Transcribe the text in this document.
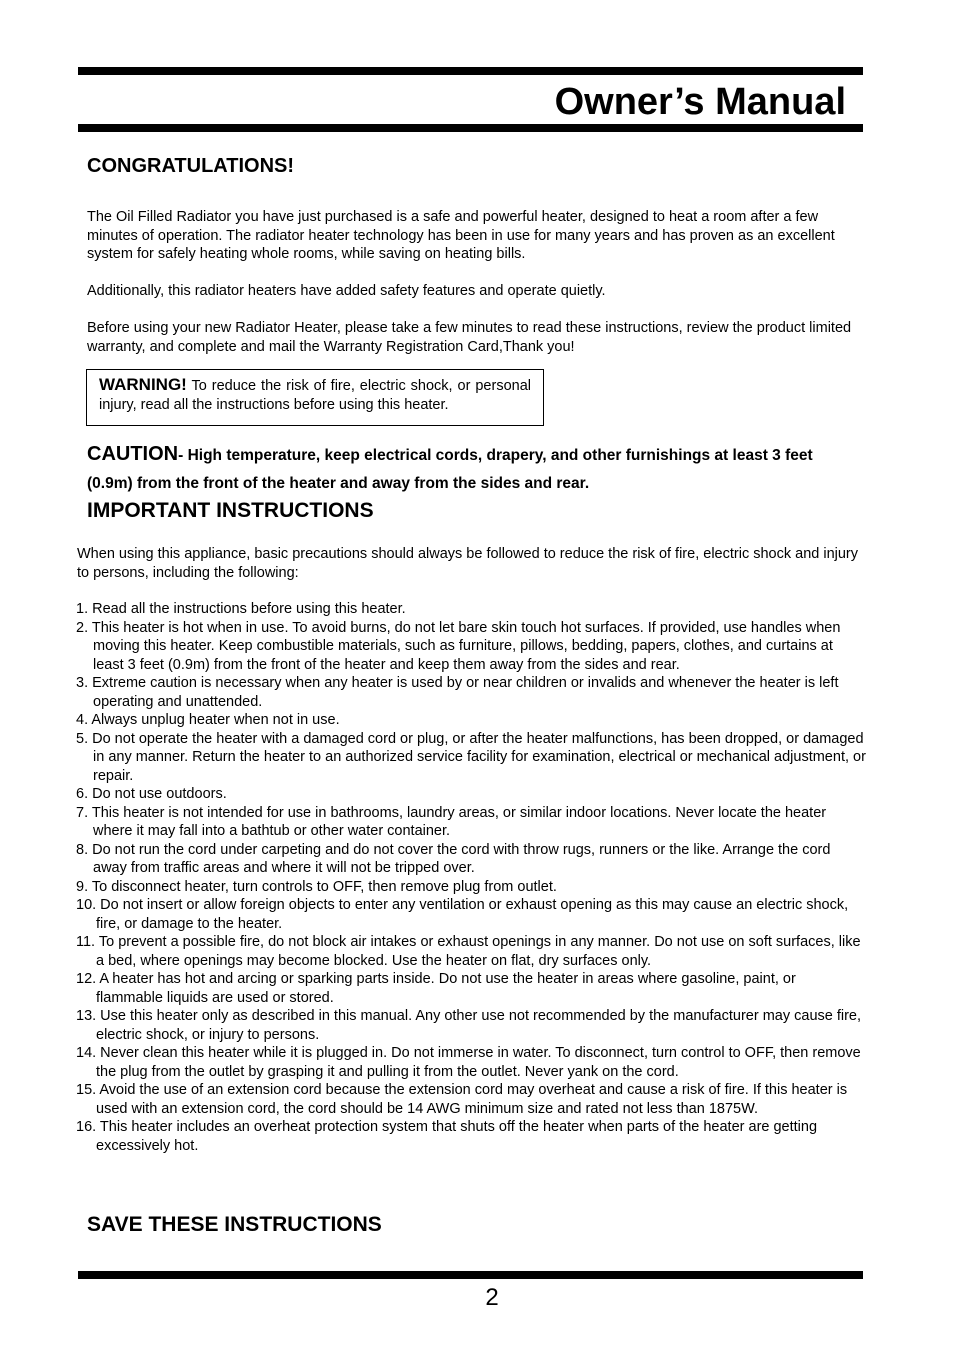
Owner’s Manual
CONGRATULATIONS!
The Oil Filled Radiator you have just purchased is a safe and powerful heater, designed to heat a room after a few minutes of operation. The radiator heater technology has been in use for many years and has proven as an excellent system for safely heating whole rooms, while saving on heating bills.
Additionally, this radiator heaters have added safety features and operate quietly.
Before using your new Radiator Heater, please take a few minutes to read these instructions, review the product limited warranty, and complete and mail the Warranty Registration Card,Thank you!
WARNING! To reduce the risk of fire, electric shock, or personal injury, read all the instructions before using this heater.
CAUTION- High temperature, keep electrical cords, drapery, and other furnishings at least 3 feet (0.9m) from the front of the heater and away from the sides and rear.
IMPORTANT INSTRUCTIONS
When using this appliance, basic precautions should always be followed to reduce the risk of fire, electric shock and injury to persons, including the following:
1. Read all the instructions before using this heater.
2. This heater is hot when in use. To avoid burns, do not let bare skin touch hot surfaces. If provided, use handles when moving this heater. Keep combustible materials, such as furniture, pillows, bedding, papers, clothes, and curtains at least 3 feet (0.9m) from the front of the heater and keep them away from the sides and rear.
3. Extreme caution is necessary when any heater is used by or near children or invalids and whenever the heater is left operating and unattended.
4. Always unplug heater when not in use.
5. Do not operate the heater with a damaged cord or plug, or after the heater malfunctions, has been dropped, or damaged in any manner. Return the heater to an authorized service facility for examination, electrical or mechanical adjustment, or repair.
6. Do not use outdoors.
7. This heater is not intended for use in bathrooms, laundry areas, or similar indoor locations. Never locate the heater where it may fall into a bathtub or other water container.
8. Do not run the cord under carpeting and do not cover the cord with throw rugs, runners or the like. Arrange the cord away from traffic areas and where it will not be tripped over.
9. To disconnect heater, turn controls to OFF, then remove plug from outlet.
10. Do not insert or allow foreign objects to enter any ventilation or exhaust opening as this may cause an electric shock, fire, or damage to the heater.
11. To prevent a possible fire, do not block air intakes or exhaust openings in any manner. Do not use on soft surfaces, like a bed, where openings may become blocked. Use the heater on flat, dry surfaces only.
12. A heater has hot and arcing or sparking parts inside. Do not use the heater in areas where gasoline, paint, or flammable liquids are used or stored.
13. Use this heater only as described in this manual. Any other use not recommended by the manufacturer may cause fire, electric shock, or injury to persons.
14. Never clean this heater while it is plugged in. Do not immerse in water. To disconnect, turn control to OFF, then remove the plug from the outlet by grasping it and pulling it from the outlet. Never yank on the cord.
15. Avoid the use of an extension cord because the extension cord may overheat and cause a risk of fire. If this heater is used with an extension cord, the cord should be 14 AWG minimum size and rated not less than 1875W.
16. This heater includes an overheat protection system that shuts off the heater when parts of the heater are getting excessively hot.
SAVE THESE INSTRUCTIONS
2
